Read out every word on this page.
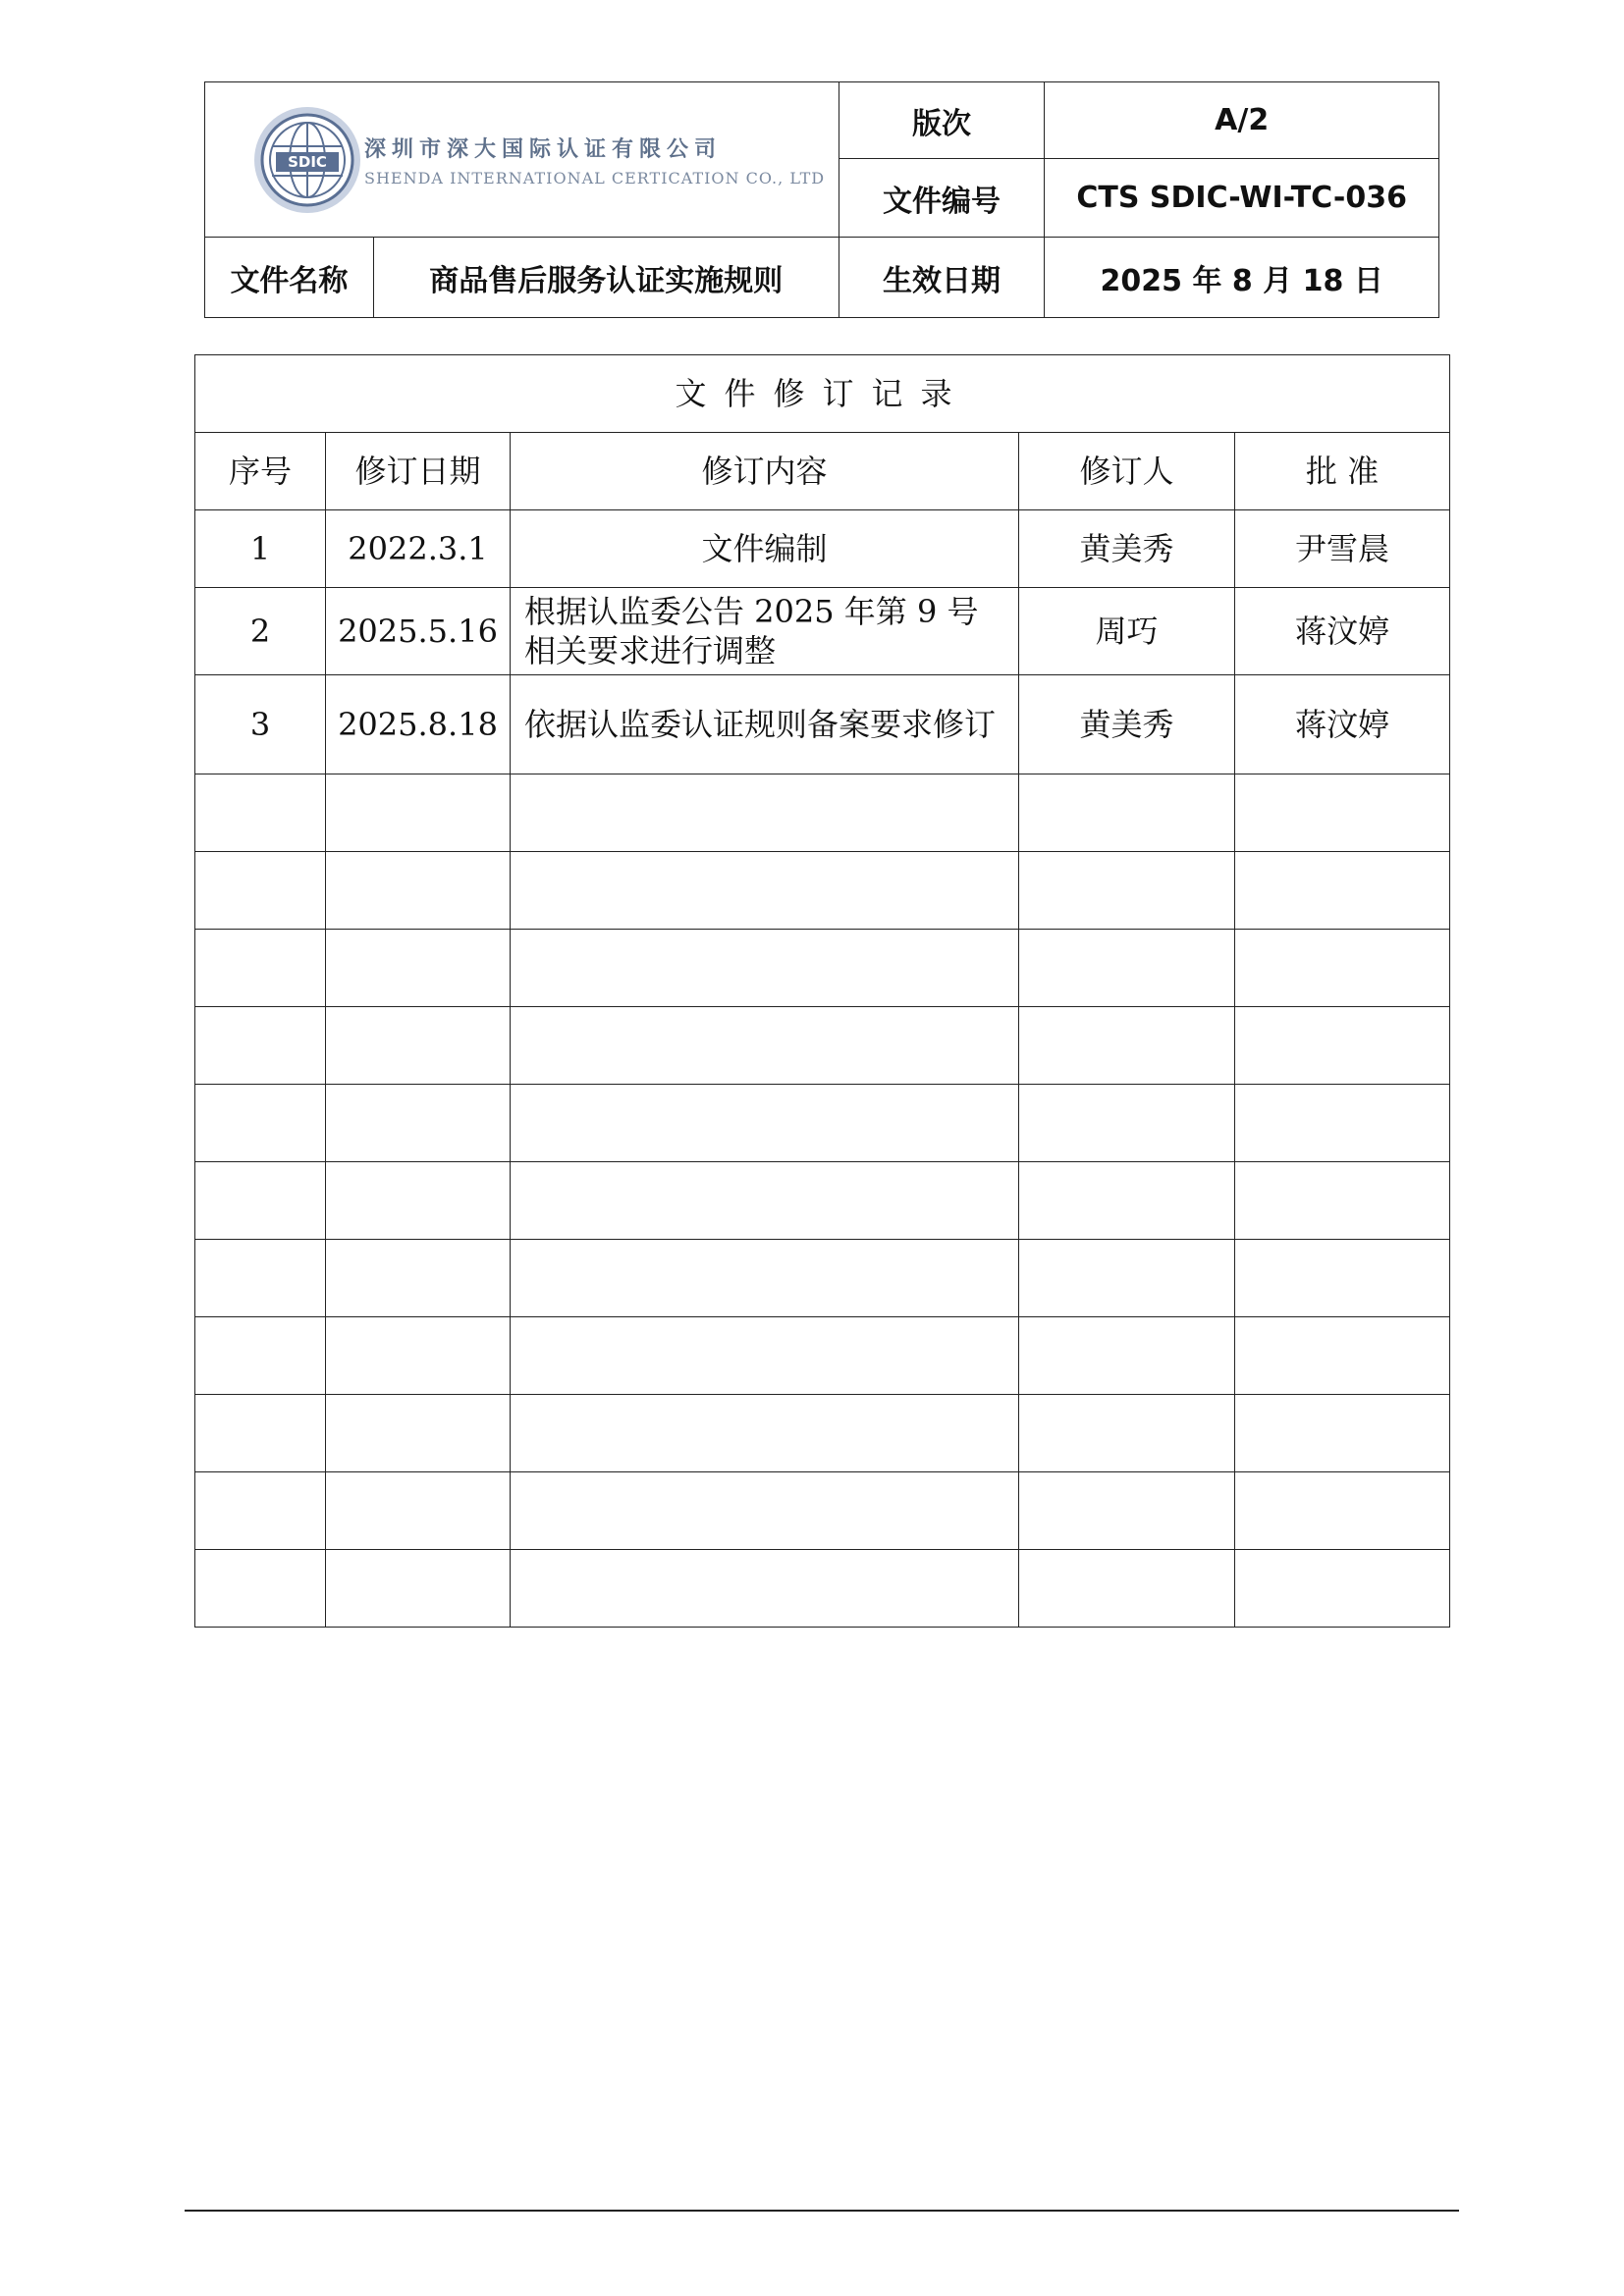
SDIC 深圳市深大国际认证有限公司
SHENDA INTERNATIONAL CERTICATION CO., LTD		版次	A/2
		文件编号	CTS SDIC-WI-TC-036
文件名称	商品售后服务认证实施规则	生效日期	2025 年 8 月 18 日
文件修订记录				
序号	修订日期	修订内容	修订人	批 准
1	2022.3.1	文件编制	黄美秀	尹雪晨
2	2025.5.16	根据认监委公告 2025 年第 9 号相关要求进行调整	周巧	蒋汶婷
3	2025.8.18	依据认监委认证规则备案要求修订	黄美秀	蒋汶婷
